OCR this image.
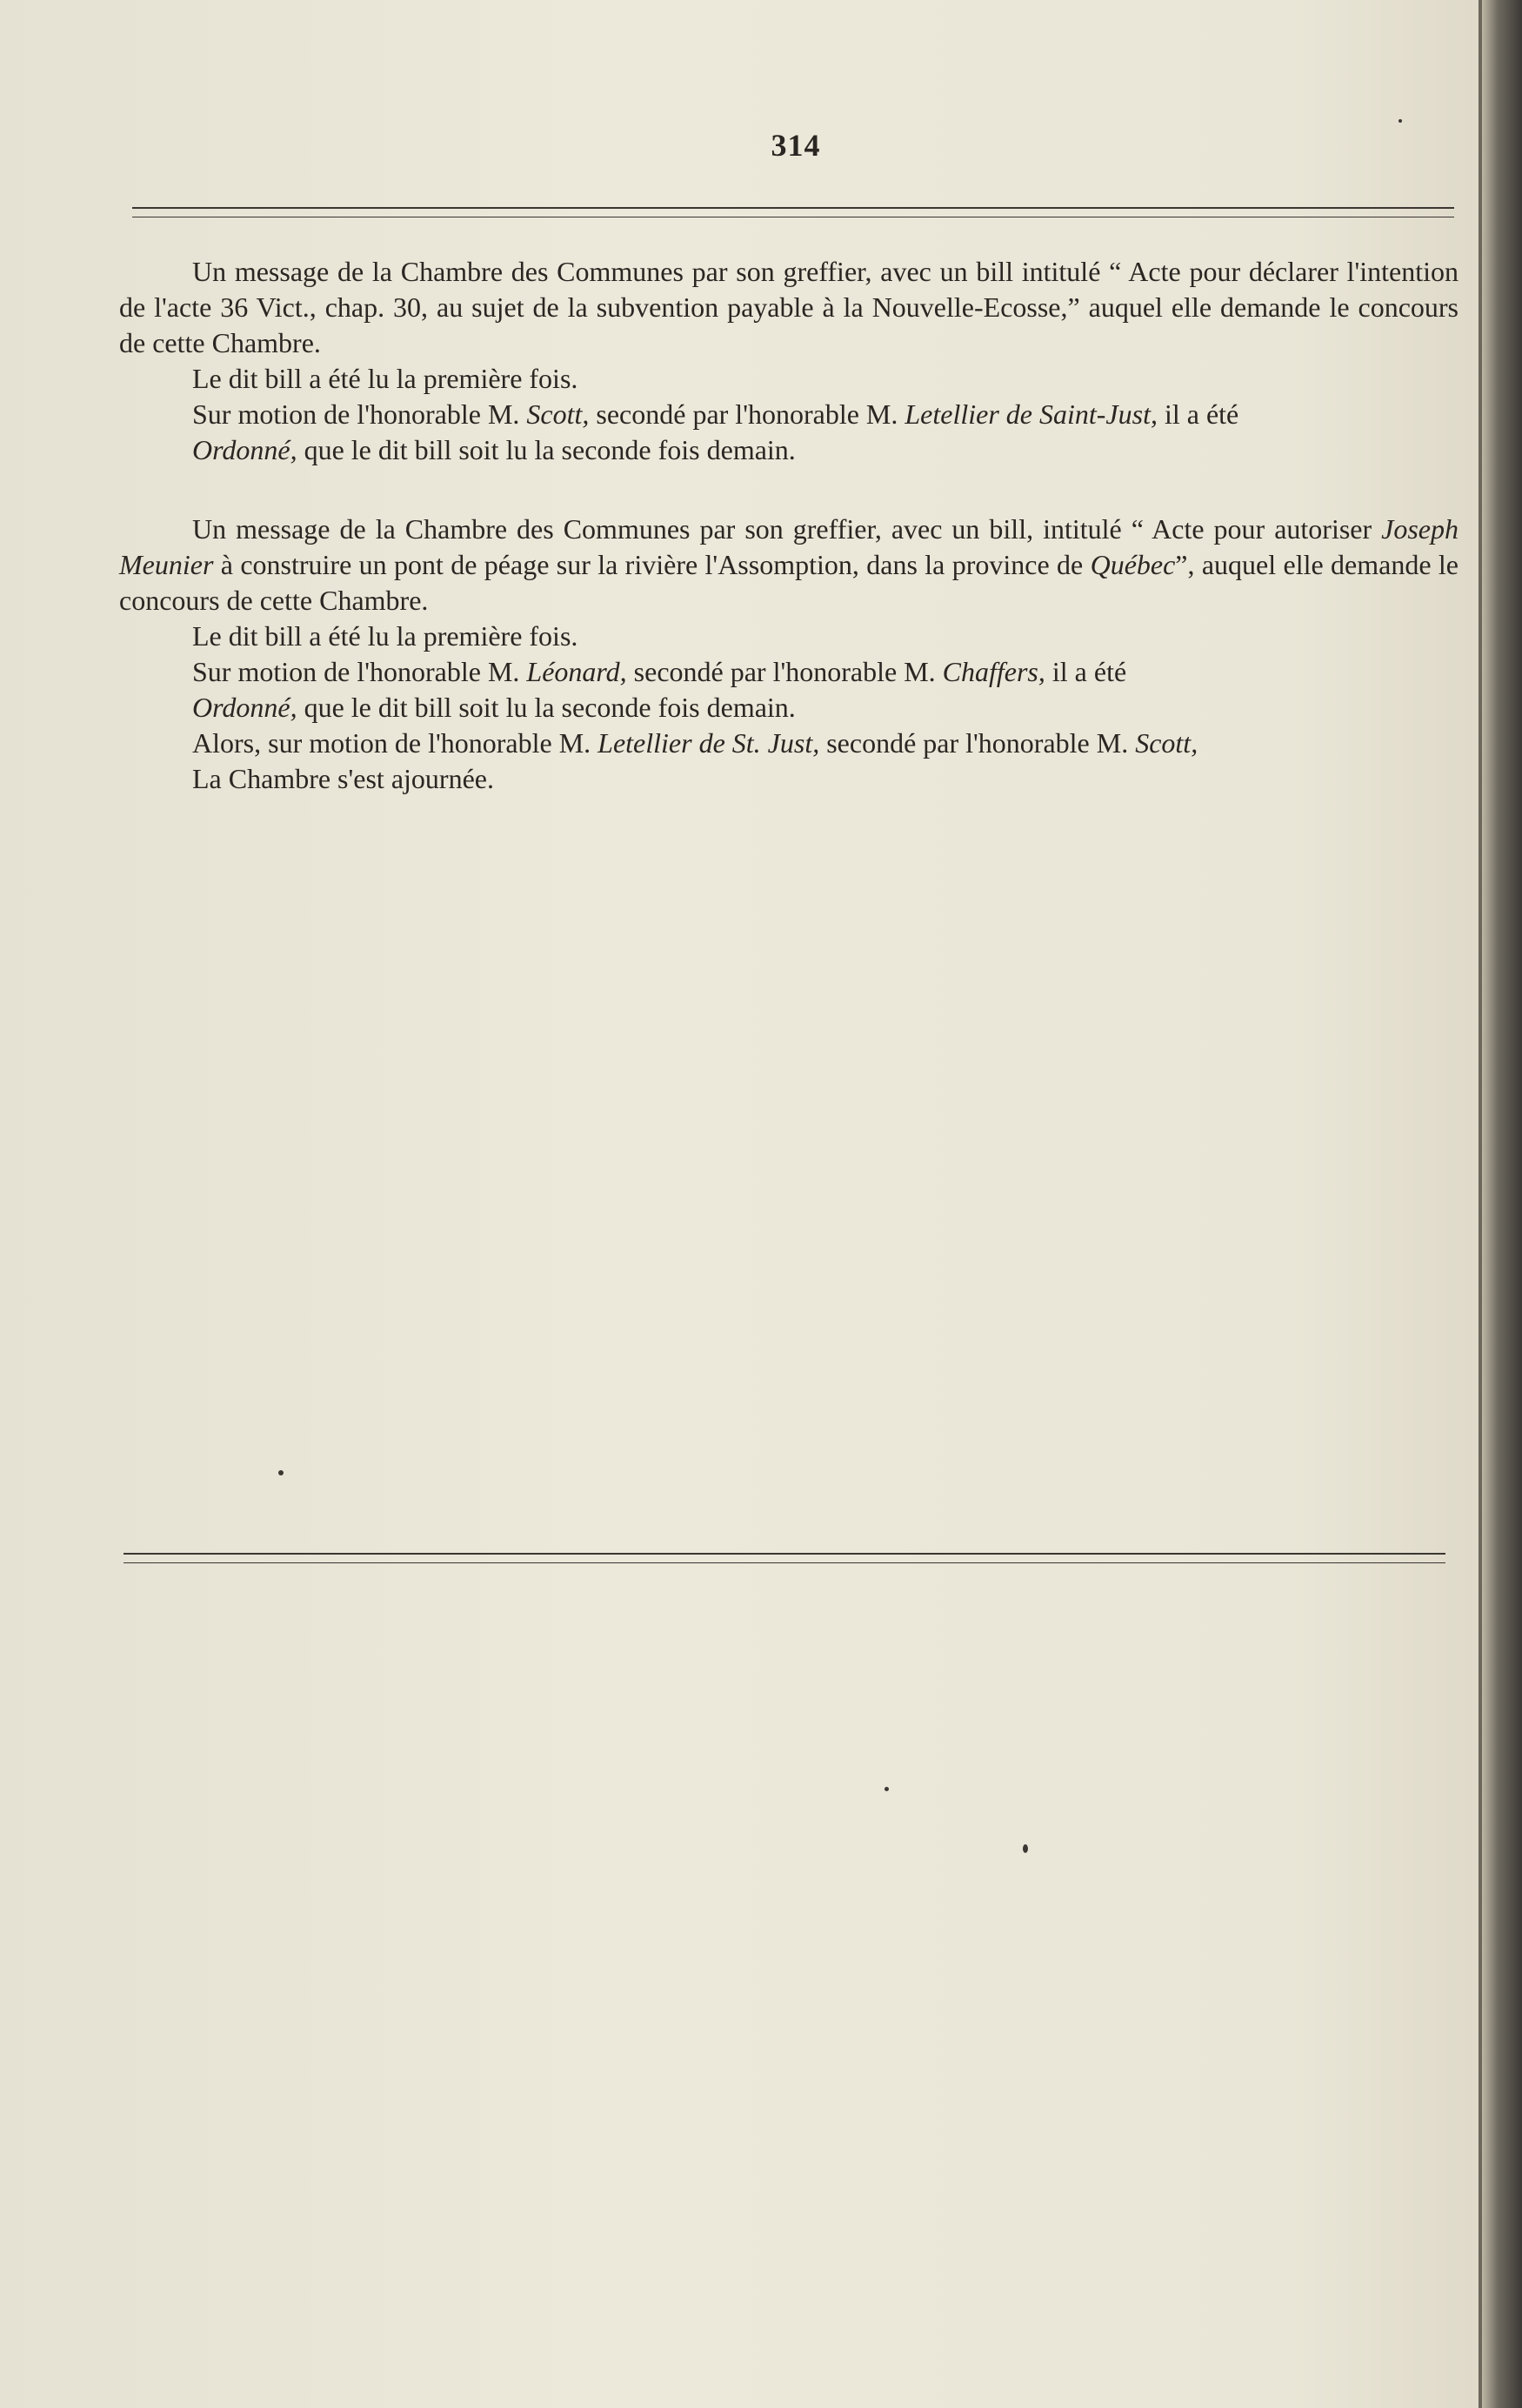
314

Un message de la Chambre des Communes par son greffier, avec un bill intitulé “ Acte pour déclarer l'intention de l'acte 36 Vict., chap. 30, au sujet de la subvention payable à la Nouvelle-Ecosse,” auquel elle demande le concours de cette Chambre.

Le dit bill a été lu la première fois.

Sur motion de l'honorable M. Scott, secondé par l'honorable M. Letellier de Saint-Just, il a été

Ordonné, que le dit bill soit lu la seconde fois demain.

Un message de la Chambre des Communes par son greffier, avec un bill, intitulé “ Acte pour autoriser Joseph Meunier à construire un pont de péage sur la rivière l'Assomption, dans la province de Québec”, auquel elle demande le concours de cette Chambre.

Le dit bill a été lu la première fois.

Sur motion de l'honorable M. Léonard, secondé par l'honorable M. Chaffers, il a été

Ordonné, que le dit bill soit lu la seconde fois demain.

Alors, sur motion de l'honorable M. Letellier de St. Just, secondé par l'honorable M. Scott,

La Chambre s'est ajournée.
